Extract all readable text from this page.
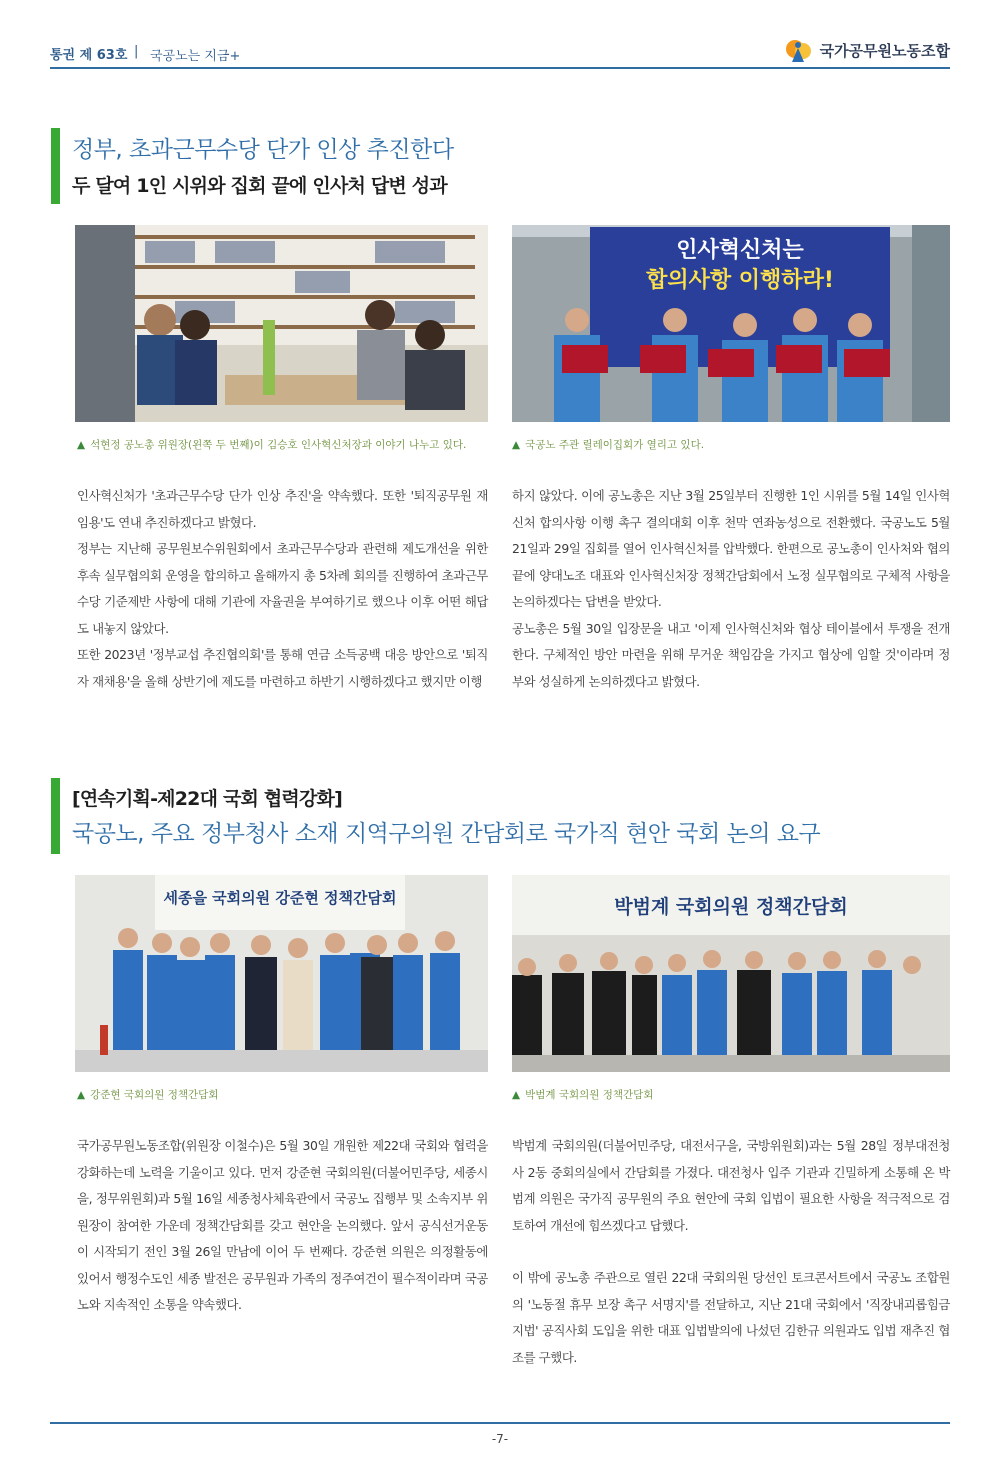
통권 제 63호 | 국공노는 지금+	국가공무원노동조합
정부, 초과근무수당 단가 인상 추진한다
두 달여 1인 시위와 집회 끝에 인사처 답변 성과
인사혁신처는
합의사항 이행하라!
▲ 석현정 공노총 위원장(왼쪽 두 번째)이 김승호 인사혁신처장과 이야기 나누고 있다.	▲ 국공노 주관 릴레이집회가 열리고 있다.

인사혁신처가 '초과근무수당 단가 인상 추진'을 약속했다. 또한 '퇴직공무원 재임용'도 연내 추진하겠다고 밝혔다.

정부는 지난해 공무원보수위원회에서 초과근무수당과 관련해 제도개선을 위한 후속 실무협의회 운영을 합의하고 올해까지 총 5차례 회의를 진행하여 초과근무수당 기준제반 사항에 대해 기관에 자율권을 부여하기로 했으나 이후 어떤 해답도 내놓지 않았다.

또한 2023년 '정부교섭 추진협의회'를 통해 연금 소득공백 대응 방안으로 '퇴직자 재채용'을 올해 상반기에 제도를 마련하고 하반기 시행하겠다고 했지만 이행

하지 않았다. 이에 공노총은 지난 3월 25일부터 진행한 1인 시위를 5월 14일 인사혁신처 합의사항 이행 촉구 결의대회 이후 천막 연좌농성으로 전환했다. 국공노도 5월 21일과 29일 집회를 열어 인사혁신처를 압박했다. 한편으로 공노총이 인사처와 협의 끝에 양대노조 대표와 인사혁신처장 정책간담회에서 노정 실무협의로 구체적 사항을 논의하겠다는 답변을 받았다.

공노총은 5월 30일 입장문을 내고 '이제 인사혁신처와 협상 테이블에서 투쟁을 전개한다. 구체적인 방안 마련을 위해 무거운 책임감을 가지고 협상에 임할 것'이라며 정부와 성실하게 논의하겠다고 밝혔다.

[연속기획-제22대 국회 협력강화]
국공노, 주요 정부청사 소재 지역구의원 간담회로 국가직 현안 국회 논의 요구
세종을 국회의원 강준현 정책간담회	박범계 국회의원 정책간담회
▲ 강준현 국회의원 정책간담회	▲ 박범계 국회의원 정책간담회

국가공무원노동조합(위원장 이철수)은 5월 30일 개원한 제22대 국회와 협력을 강화하는데 노력을 기울이고 있다. 먼저 강준현 국회의원(더불어민주당, 세종시을, 정무위원회)과 5월 16일 세종청사체육관에서 국공노 집행부 및 소속지부 위원장이 참여한 가운데 정책간담회를 갖고 현안을 논의했다. 앞서 공식선거운동이 시작되기 전인 3월 26일 만남에 이어 두 번째다. 강준현 의원은 의정활동에 있어서 행정수도인 세종 발전은 공무원과 가족의 정주여건이 필수적이라며 국공노와 지속적인 소통을 약속했다.

박범계 국회의원(더불어민주당, 대전서구을, 국방위원회)과는 5월 28일 정부대전청사 2동 중회의실에서 간담회를 가졌다. 대전청사 입주 기관과 긴밀하게 소통해 온 박범계 의원은 국가직 공무원의 주요 현안에 국회 입법이 필요한 사항을 적극적으로 검토하여 개선에 힘쓰겠다고 답했다.

이 밖에 공노총 주관으로 열린 22대 국회의원 당선인 토크콘서트에서 국공노 조합원의 '노동절 휴무 보장 촉구 서명지'를 전달하고, 지난 21대 국회에서 '직장내괴롭힘금지법' 공직사회 도입을 위한 대표 입법발의에 나섰던 김한규 의원과도 입법 재추진 협조를 구했다.

-7-
